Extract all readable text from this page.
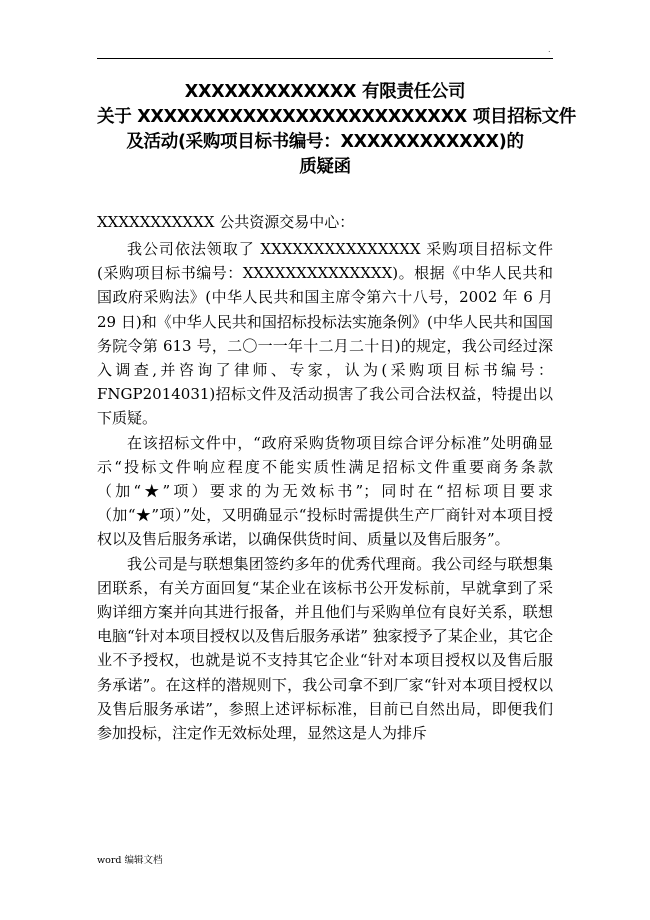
.
XXXXXXXXXXXXX 有限责任公司
关于 XXXXXXXXXXXXXXXXXXXXXXXXX 项目招标文件
及活动(采购项目标书编号：XXXXXXXXXXXX)的
质疑函
XXXXXXXXXXX 公共资源交易中心：

我公司依法领取了 XXXXXXXXXXXXXXX 采购项目招标文件(采购项目标书编号：XXXXXXXXXXXXXX)。根据《中华人民共和国政府采购法》(中华人民共和国主席令第六十八号，2002 年 6 月 29 日)和《中华人民共和国招标投标法实施条例》(中华人民共和国国务院令第 613 号，二〇一一年十二月二十日)的规定，我公司经过深入调查,并咨询了律师、专家，认为(采购项目标书编号：FNGP2014031)招标文件及活动损害了我公司合法权益，特提出以下质疑。

在该招标文件中，“政府采购货物项目综合评分标准”处明确显示“投标文件响应程度不能实质性满足招标文件重要商务条款（加“★”项）要求的为无效标书”；同时在“招标项目要求（加“★”项）”处，又明确显示“投标时需提供生产厂商针对本项目授权以及售后服务承诺，以确保供货时间、质量以及售后服务”。

我公司是与联想集团签约多年的优秀代理商。我公司经与联想集团联系，有关方面回复“某企业在该标书公开发标前，早就拿到了采购详细方案并向其进行报备，并且他们与采购单位有良好关系，联想电脑“针对本项目授权以及售后服务承诺” 独家授予了某企业，其它企业不予授权，也就是说不支持其它企业“针对本项目授权以及售后服务承诺”。在这样的潜规则下，我公司拿不到厂家“针对本项目授权以及售后服务承诺”，参照上述评标标准，目前已自然出局，即便我们参加投标，注定作无效标处理，显然这是人为排斥

word 编辑文档
